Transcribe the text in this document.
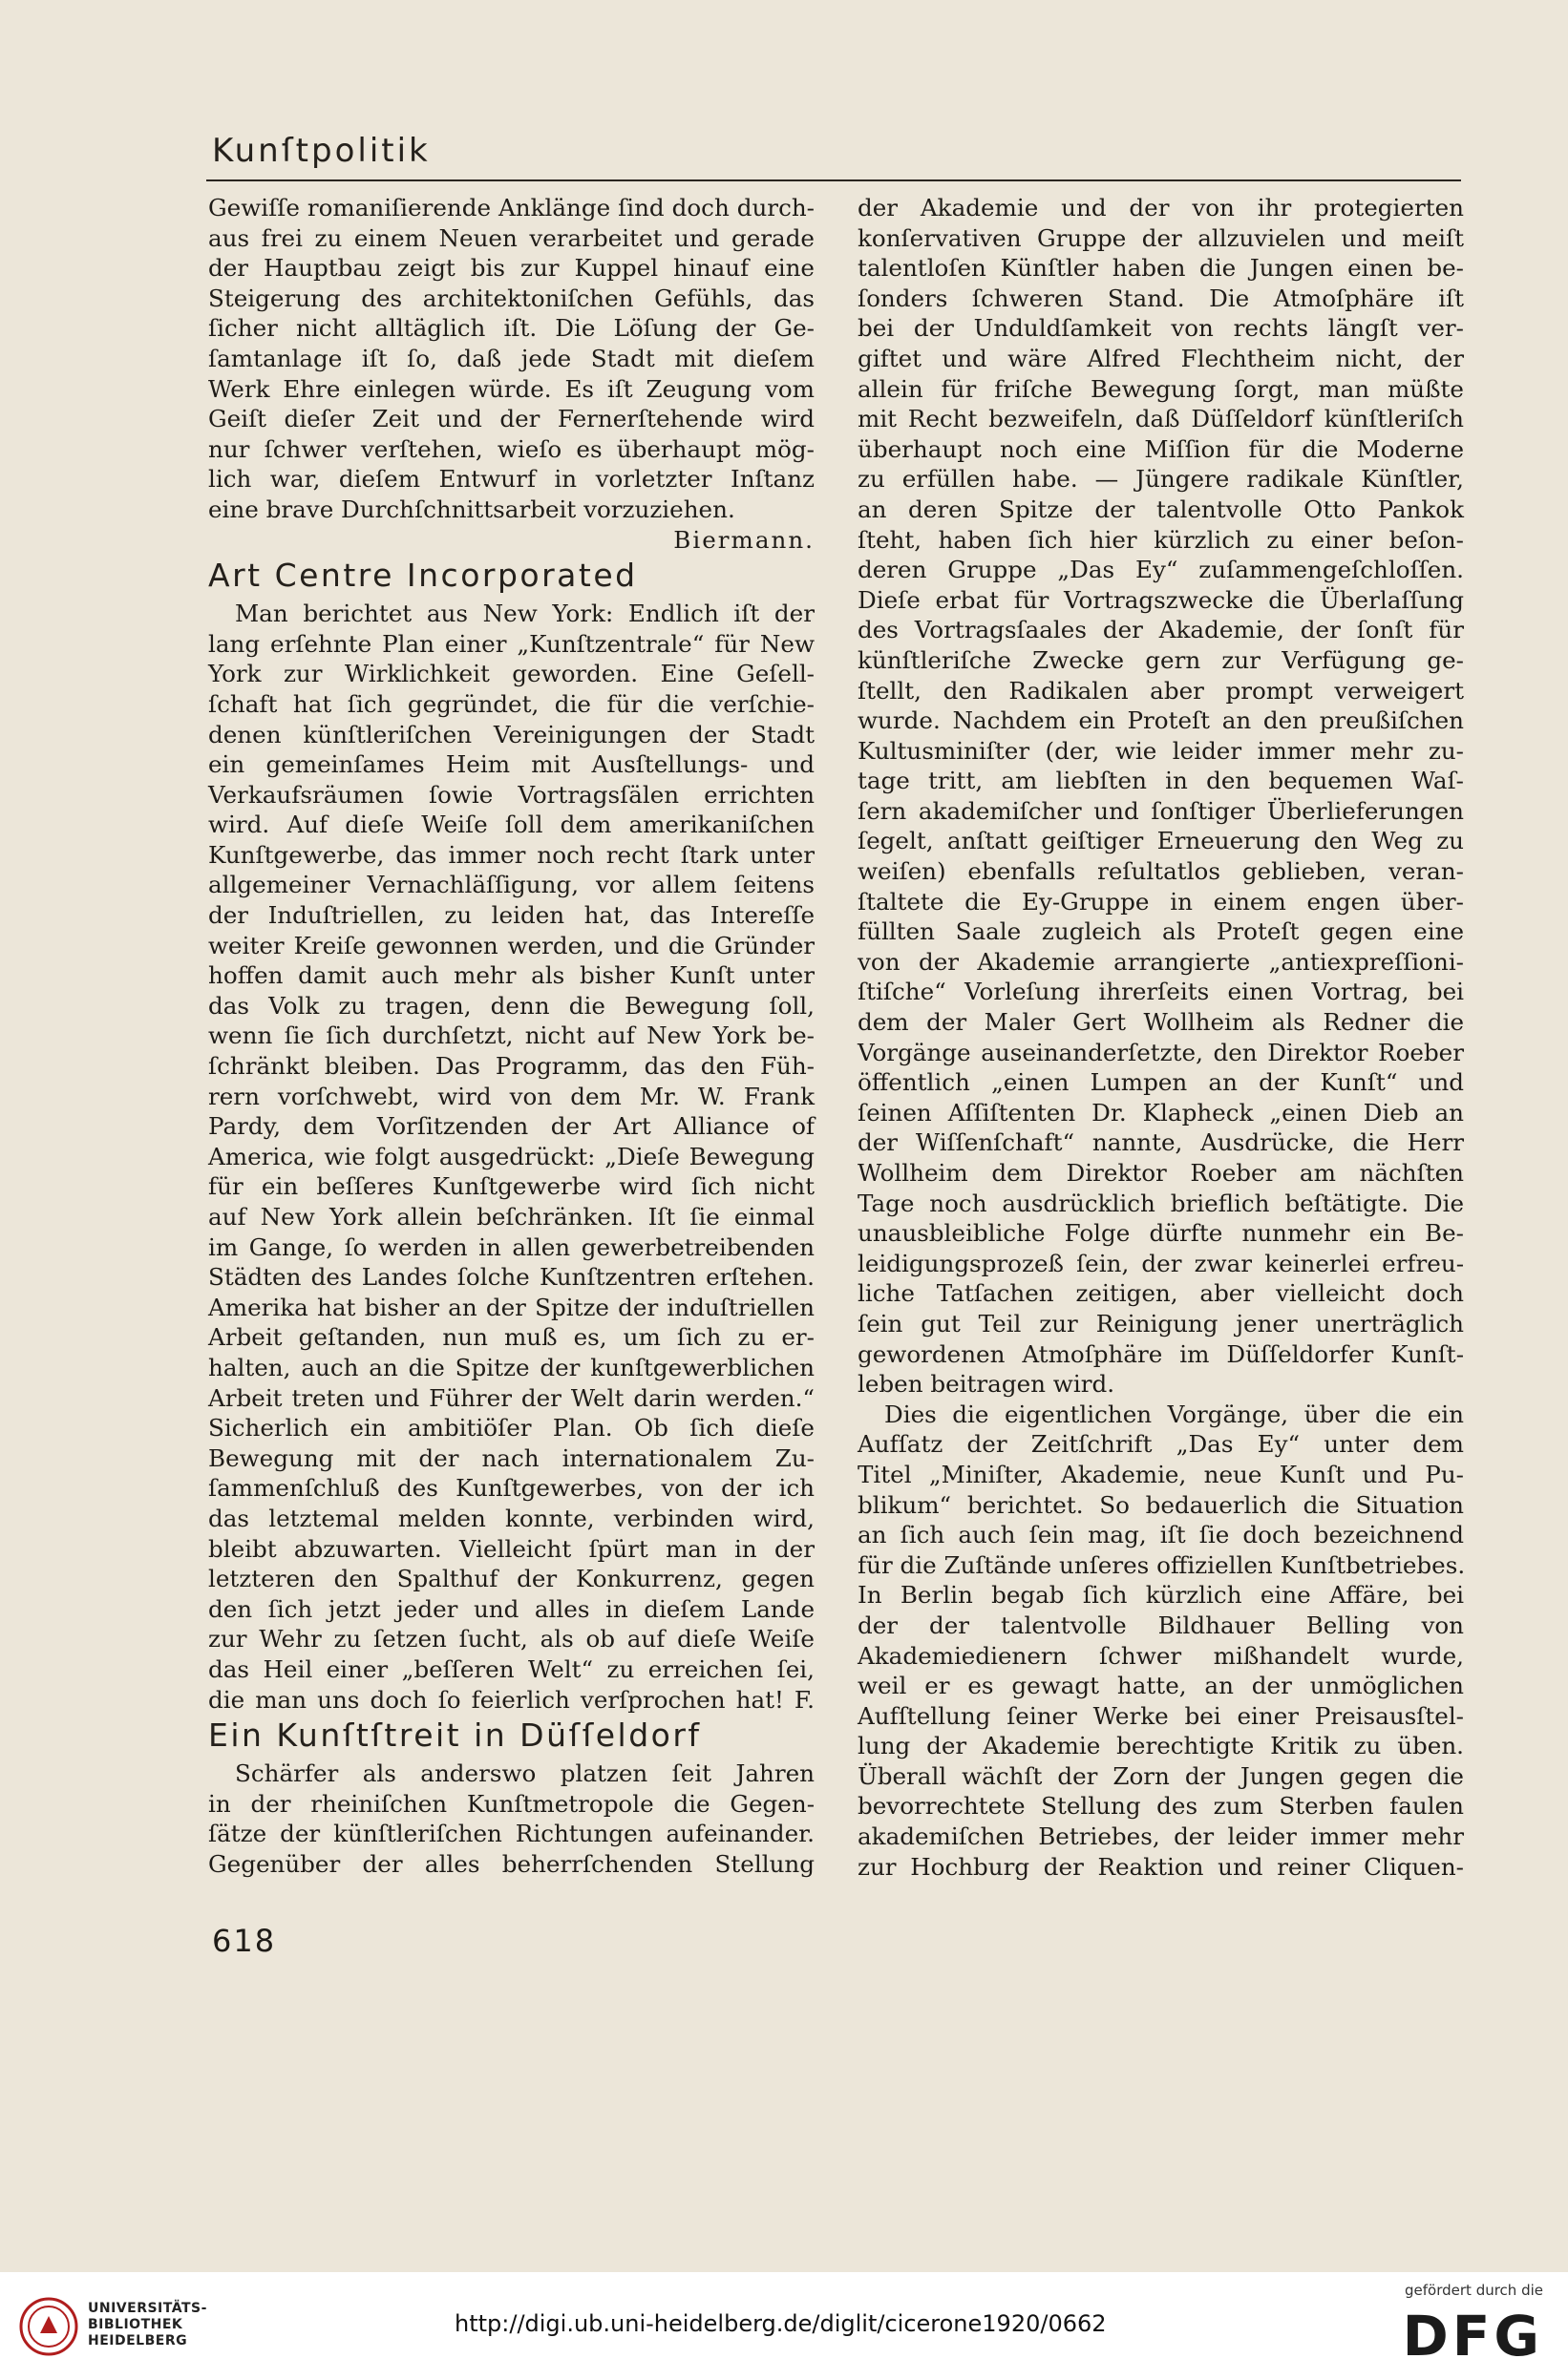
Kunſtpolitik
Gewiſſe romaniſierende Anklänge ſind doch durch-
aus frei zu einem Neuen verarbeitet und gerade
der Hauptbau zeigt bis zur Kuppel hinauf eine
Steigerung des architektoniſchen Gefühls, das
ſicher nicht alltäglich iſt. Die Löſung der Ge-
ſamtanlage iſt ſo, daß jede Stadt mit dieſem
Werk Ehre einlegen würde. Es iſt Zeugung vom
Geiſt dieſer Zeit und der Fernerſtehende wird
nur ſchwer verſtehen, wieſo es überhaupt mög-
lich war, dieſem Entwurf in vorletzter Inſtanz
eine brave Durchſchnittsarbeit vorzuziehen.
Biermann.
Art Centre Incorporated
Man berichtet aus New York: Endlich iſt der
lang erſehnte Plan einer „Kunſtzentrale“ für New
York zur Wirklichkeit geworden. Eine Geſell-
ſchaft hat ſich gegründet, die für die verſchie-
denen künſtleriſchen Vereinigungen der Stadt
ein gemeinſames Heim mit Ausſtellungs- und
Verkaufsräumen ſowie Vortragsſälen errichten
wird. Auf dieſe Weiſe ſoll dem amerikaniſchen
Kunſtgewerbe, das immer noch recht ſtark unter
allgemeiner Vernachläſſigung, vor allem ſeitens
der Induſtriellen, zu leiden hat, das Intereſſe
weiter Kreiſe gewonnen werden, und die Gründer
hoffen damit auch mehr als bisher Kunſt unter
das Volk zu tragen, denn die Bewegung ſoll,
wenn ſie ſich durchſetzt, nicht auf New York be-
ſchränkt bleiben. Das Programm, das den Füh-
rern vorſchwebt, wird von dem Mr. W. Frank
Pardy, dem Vorſitzenden der Art Alliance of
America, wie folgt ausgedrückt: „Dieſe Bewegung
für ein beſſeres Kunſtgewerbe wird ſich nicht
auf New York allein beſchränken. Iſt ſie einmal
im Gange, ſo werden in allen gewerbetreibenden
Städten des Landes ſolche Kunſtzentren erſtehen.
Amerika hat bisher an der Spitze der induſtriellen
Arbeit geſtanden, nun muß es, um ſich zu er-
halten, auch an die Spitze der kunſtgewerblichen
Arbeit treten und Führer der Welt darin werden.“
Sicherlich ein ambitiöſer Plan. Ob ſich dieſe
Bewegung mit der nach internationalem Zu-
ſammenſchluß des Kunſtgewerbes, von der ich
das letztemal melden konnte, verbinden wird,
bleibt abzuwarten. Vielleicht ſpürt man in der
letzteren den Spalthuf der Konkurrenz, gegen
den ſich jetzt jeder und alles in dieſem Lande
zur Wehr zu ſetzen ſucht, als ob auf dieſe Weiſe
das Heil einer „beſſeren Welt“ zu erreichen ſei,
die man uns doch ſo feierlich verſprochen hat! F.
Ein Kunſtſtreit in Düſſeldorf
Schärfer als anderswo platzen ſeit Jahren
in der rheiniſchen Kunſtmetropole die Gegen-
ſätze der künſtleriſchen Richtungen aufeinander.
Gegenüber der alles beherrſchenden Stellung
der Akademie und der von ihr protegierten
konſervativen Gruppe der allzuvielen und meiſt
talentloſen Künſtler haben die Jungen einen be-
ſonders ſchweren Stand. Die Atmoſphäre iſt
bei der Unduldſamkeit von rechts längſt ver-
giftet und wäre Alfred Flechtheim nicht, der
allein für friſche Bewegung ſorgt, man müßte
mit Recht bezweifeln, daß Düſſeldorf künſtleriſch
überhaupt noch eine Miſſion für die Moderne
zu erfüllen habe. — Jüngere radikale Künſtler,
an deren Spitze der talentvolle Otto Pankok
ſteht, haben ſich hier kürzlich zu einer beſon-
deren Gruppe „Das Ey“ zuſammengeſchloſſen.
Dieſe erbat für Vortragszwecke die Überlaſſung
des Vortragsſaales der Akademie, der ſonſt für
künſtleriſche Zwecke gern zur Verfügung ge-
ſtellt, den Radikalen aber prompt verweigert
wurde. Nachdem ein Proteſt an den preußiſchen
Kultusminiſter (der, wie leider immer mehr zu-
tage tritt, am liebſten in den bequemen Waſ-
ſern akademiſcher und ſonſtiger Überlieferungen
ſegelt, anſtatt geiſtiger Erneuerung den Weg zu
weiſen) ebenfalls reſultatlos geblieben, veran-
ſtaltete die Ey-Gruppe in einem engen über-
füllten Saale zugleich als Proteſt gegen eine
von der Akademie arrangierte „antiexpreſſioni-
ſtiſche“ Vorleſung ihrerſeits einen Vortrag, bei
dem der Maler Gert Wollheim als Redner die
Vorgänge auseinanderſetzte, den Direktor Roeber
öffentlich „einen Lumpen an der Kunſt“ und
ſeinen Aſſiſtenten Dr. Klapheck „einen Dieb an
der Wiſſenſchaft“ nannte, Ausdrücke, die Herr
Wollheim dem Direktor Roeber am nächſten
Tage noch ausdrücklich brieflich beſtätigte. Die
unausbleibliche Folge dürfte nunmehr ein Be-
leidigungsprozeß ſein, der zwar keinerlei erfreu-
liche Tatſachen zeitigen, aber vielleicht doch
ſein gut Teil zur Reinigung jener unerträglich
gewordenen Atmoſphäre im Düſſeldorfer Kunſt-
leben beitragen wird.
Dies die eigentlichen Vorgänge, über die ein
Aufſatz der Zeitſchrift „Das Ey“ unter dem
Titel „Miniſter, Akademie, neue Kunſt und Pu-
blikum“ berichtet. So bedauerlich die Situation
an ſich auch ſein mag, iſt ſie doch bezeichnend
für die Zuſtände unſeres offiziellen Kunſtbetriebes.
In Berlin begab ſich kürzlich eine Affäre, bei
der der talentvolle Bildhauer Belling von
Akademiedienern ſchwer mißhandelt wurde,
weil er es gewagt hatte, an der unmöglichen
Aufſtellung ſeiner Werke bei einer Preisausſtel-
lung der Akademie berechtigte Kritik zu üben.
Überall wächſt der Zorn der Jungen gegen die
bevorrechtete Stellung des zum Sterben faulen
akademiſchen Betriebes, der leider immer mehr
zur Hochburg der Reaktion und reiner Cliquen-
618
UNIVERSITÄTS-
BIBLIOTHEK
HEIDELBERG
http://digi.ub.uni-heidelberg.de/diglit/cicerone1920/0662
gefördert durch die
DFG
